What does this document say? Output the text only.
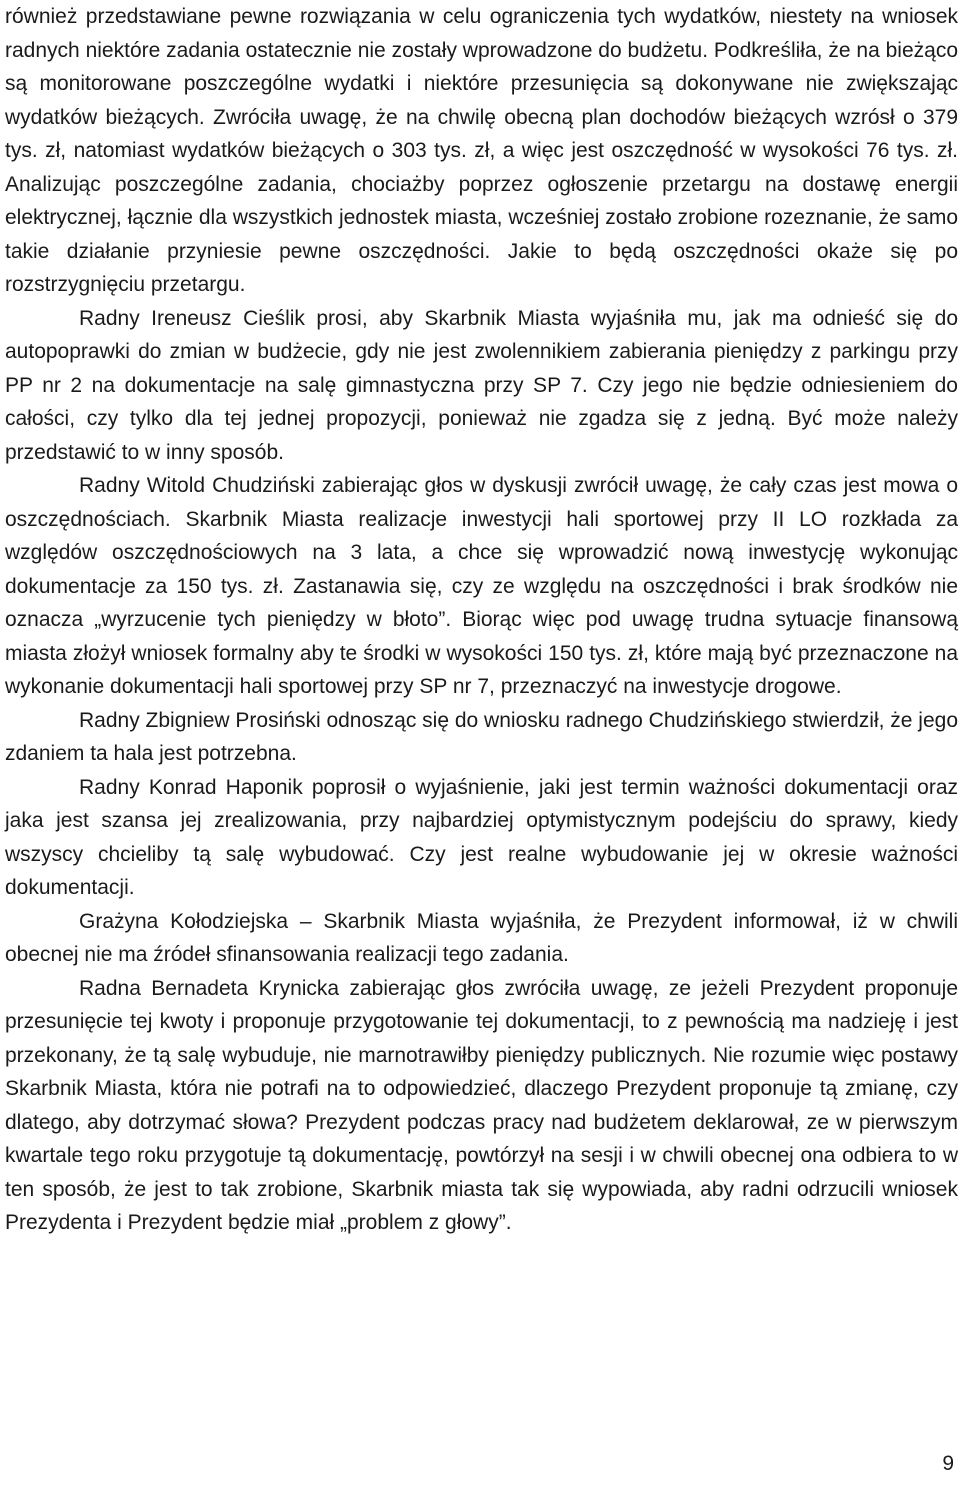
również przedstawiane pewne rozwiązania w celu ograniczenia tych wydatków, niestety na wniosek radnych niektóre zadania ostatecznie nie zostały wprowadzone do budżetu. Podkreśliła, że na bieżąco są monitorowane poszczególne wydatki i niektóre przesunięcia są dokonywane nie zwiększając wydatków bieżących. Zwróciła uwagę, że na chwilę obecną plan dochodów bieżących wzrósł o 379 tys. zł, natomiast wydatków bieżących o 303 tys. zł, a więc jest oszczędność w wysokości 76 tys. zł. Analizując poszczególne zadania, chociażby poprzez ogłoszenie przetargu na dostawę energii elektrycznej, łącznie dla wszystkich jednostek miasta, wcześniej zostało zrobione rozeznanie, że samo takie działanie przyniesie pewne oszczędności. Jakie to będą oszczędności okaże się po rozstrzygnięciu przetargu.

Radny Ireneusz Cieślik prosi, aby Skarbnik Miasta wyjaśniła mu, jak ma odnieść się do autopoprawki do zmian w budżecie, gdy nie jest zwolennikiem zabierania pieniędzy z parkingu przy PP nr 2 na dokumentacje na salę gimnastyczna przy SP 7. Czy jego nie będzie odniesieniem do całości, czy tylko dla tej jednej propozycji, ponieważ nie zgadza się z jedną. Być może należy przedstawić to w inny sposób.

Radny Witold Chudziński zabierając głos w dyskusji zwrócił uwagę, że cały czas jest mowa o oszczędnościach. Skarbnik Miasta realizacje inwestycji hali sportowej przy II LO rozkłada za względów oszczędnościowych na 3 lata, a chce się wprowadzić nową inwestycję wykonując dokumentacje za 150 tys. zł. Zastanawia się, czy ze względu na oszczędności i brak środków nie oznacza „wyrzucenie tych pieniędzy w błoto”. Biorąc więc pod uwagę trudna sytuacje finansową miasta złożył wniosek formalny aby te środki w wysokości 150 tys. zł, które mają być przeznaczone na wykonanie dokumentacji hali sportowej przy SP nr 7, przeznaczyć na inwestycje drogowe.

Radny Zbigniew Prosiński odnosząc się do wniosku radnego Chudzińskiego stwierdził, że jego zdaniem ta hala jest potrzebna.

Radny Konrad Haponik poprosił o wyjaśnienie, jaki jest termin ważności dokumentacji oraz jaka jest szansa jej zrealizowania, przy najbardziej optymistycznym podejściu do sprawy, kiedy wszyscy chcieliby tą salę wybudować. Czy jest realne wybudowanie jej w okresie ważności dokumentacji.

Grażyna Kołodziejska – Skarbnik Miasta wyjaśniła, że Prezydent informował, iż w chwili obecnej nie ma źródeł sfinansowania realizacji tego zadania.

Radna Bernadeta Krynicka zabierając głos zwróciła uwagę, ze jeżeli Prezydent proponuje przesunięcie tej kwoty i proponuje przygotowanie tej dokumentacji, to z pewnością ma nadzieję i jest przekonany, że tą salę wybuduje, nie marnotrawiłby pieniędzy publicznych. Nie rozumie więc postawy Skarbnik Miasta, która nie potrafi na to odpowiedzieć, dlaczego Prezydent proponuje tą zmianę, czy dlatego, aby dotrzymać słowa? Prezydent podczas pracy nad budżetem deklarował, ze w pierwszym kwartale tego roku przygotuje tą dokumentację, powtórzył na sesji i w chwili obecnej ona odbiera to w ten sposób, że jest to tak zrobione, Skarbnik miasta tak się wypowiada, aby radni odrzucili wniosek Prezydenta i Prezydent będzie miał „problem z głowy”.

9
